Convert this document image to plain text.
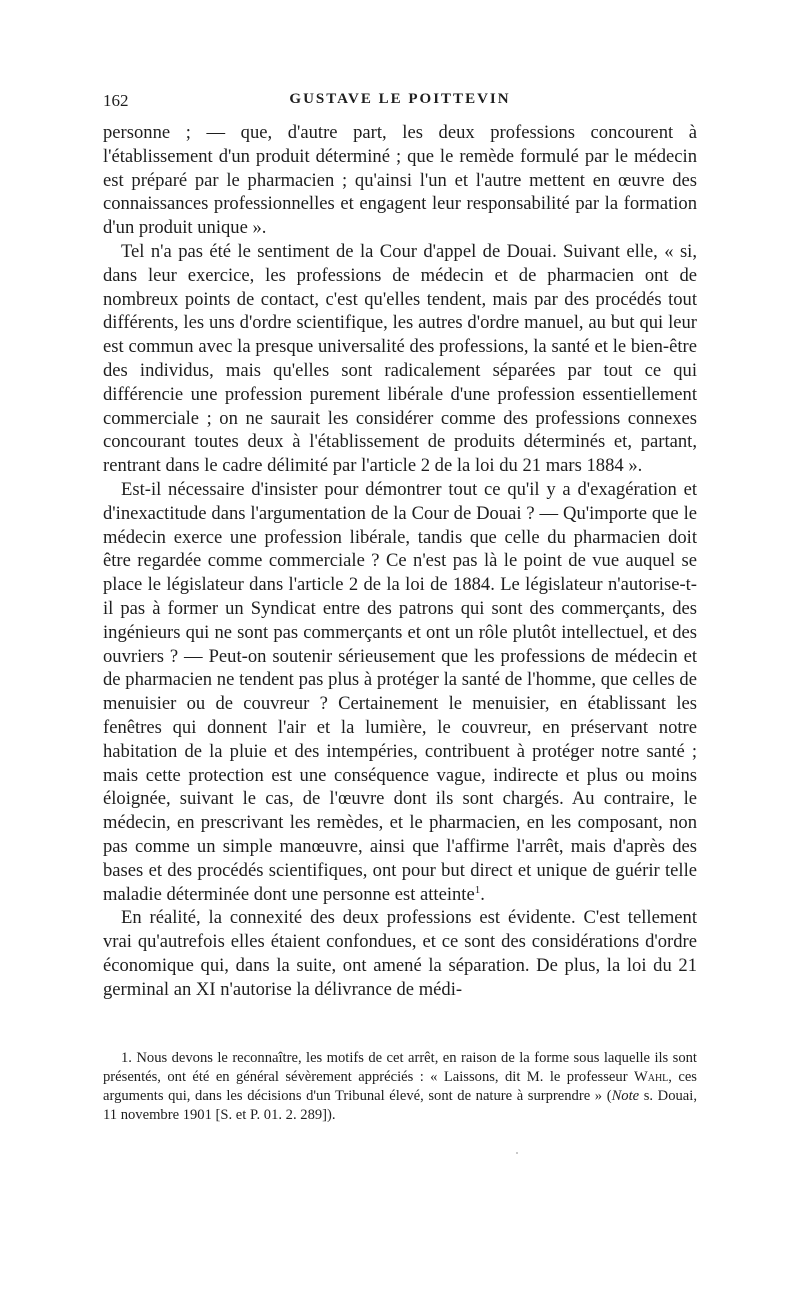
162	GUSTAVE LE POITTEVIN

personne ; — que, d'autre part, les deux professions concourent à l'établissement d'un produit déterminé ; que le remède formulé par le médecin est préparé par le pharmacien ; qu'ainsi l'un et l'autre mettent en œuvre des connaissances professionnelles et engagent leur responsabilité par la formation d'un produit unique ».

Tel n'a pas été le sentiment de la Cour d'appel de Douai. Suivant elle, « si, dans leur exercice, les professions de médecin et de pharmacien ont de nombreux points de contact, c'est qu'elles tendent, mais par des procédés tout différents, les uns d'ordre scientifique, les autres d'ordre manuel, au but qui leur est commun avec la presque universalité des professions, la santé et le bien-être des individus, mais qu'elles sont radicalement séparées par tout ce qui différencie une profession purement libérale d'une profession essentiellement commerciale ; on ne saurait les considérer comme des professions connexes concourant toutes deux à l'établissement de produits déterminés et, partant, rentrant dans le cadre délimité par l'article 2 de la loi du 21 mars 1884 ».

Est-il nécessaire d'insister pour démontrer tout ce qu'il y a d'exagération et d'inexactitude dans l'argumentation de la Cour de Douai ? — Qu'importe que le médecin exerce une profession libérale, tandis que celle du pharmacien doit être regardée comme commerciale ? Ce n'est pas là le point de vue auquel se place le législateur dans l'article 2 de la loi de 1884. Le législateur n'autorise-t-il pas à former un Syndicat entre des patrons qui sont des commerçants, des ingénieurs qui ne sont pas commerçants et ont un rôle plutôt intellectuel, et des ouvriers ? — Peut-on soutenir sérieusement que les professions de médecin et de pharmacien ne tendent pas plus à protéger la santé de l'homme, que celles de menuisier ou de couvreur ? Certainement le menuisier, en établissant les fenêtres qui donnent l'air et la lumière, le couvreur, en préservant notre habitation de la pluie et des intempéries, contribuent à protéger notre santé ; mais cette protection est une conséquence vague, indirecte et plus ou moins éloignée, suivant le cas, de l'œuvre dont ils sont chargés. Au contraire, le médecin, en prescrivant les remèdes, et le pharmacien, en les composant, non pas comme un simple manœuvre, ainsi que l'affirme l'arrêt, mais d'après des bases et des procédés scientifiques, ont pour but direct et unique de guérir telle maladie déterminée dont une personne est atteinte$^1$.

En réalité, la connexité des deux professions est évidente. C'est tellement vrai qu'autrefois elles étaient confondues, et ce sont des considérations d'ordre économique qui, dans la suite, ont amené la séparation. De plus, la loi du 21 germinal an XI n'autorise la délivrance de médi-

1. Nous devons le reconnaître, les motifs de cet arrêt, en raison de la forme sous laquelle ils sont présentés, ont été en général sévèrement appréciés : « Laissons, dit M. le professeur Wahl, ces arguments qui, dans les décisions d'un Tribunal élevé, sont de nature à surprendre » (Note s. Douai, 11 novembre 1901 [S. et P. 01. 2. 289]).
